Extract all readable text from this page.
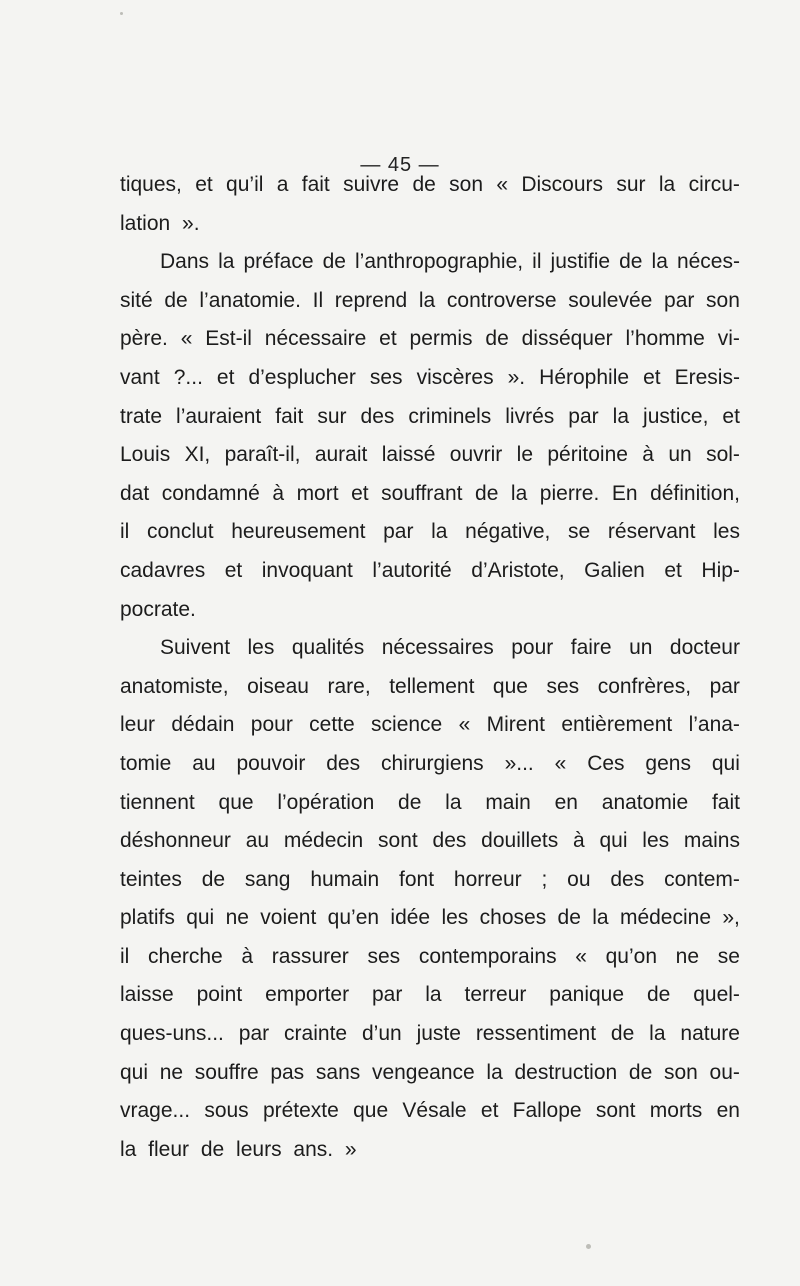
— 45 —
tiques, et qu’il a fait suivre de son « Discours sur la circu-
lation ».
Dans la préface de l’anthropographie, il justifie de la néces-
sité de l’anatomie. Il reprend la controverse soulevée par son
père. « Est-il nécessaire et permis de disséquer l’homme vi-
vant ?... et d’esplucher ses viscères ». Hérophile et Eresis-
trate l’auraient fait sur des criminels livrés par la justice, et
Louis XI, paraît-il, aurait laissé ouvrir le péritoine à un sol-
dat condamné à mort et souffrant de la pierre. En définition,
il conclut heureusement par la négative, se réservant les
cadavres et invoquant l’autorité d’Aristote, Galien et Hip-
pocrate.
Suivent les qualités nécessaires pour faire un docteur
anatomiste, oiseau rare, tellement que ses confrères, par
leur dédain pour cette science « Mirent entièrement l’ana-
tomie au pouvoir des chirurgiens »... « Ces gens qui
tiennent que l’opération de la main en anatomie fait
déshonneur au médecin sont des douillets à qui les mains
teintes de sang humain font horreur ; ou des contem-
platifs qui ne voient qu’en idée les choses de la médecine »,
il cherche à rassurer ses contemporains « qu’on ne se
laisse point emporter par la terreur panique de quel-
ques-uns... par crainte d’un juste ressentiment de la nature
qui ne souffre pas sans vengeance la destruction de son ou-
vrage... sous prétexte que Vésale et Fallope sont morts en
la fleur de leurs ans. »
